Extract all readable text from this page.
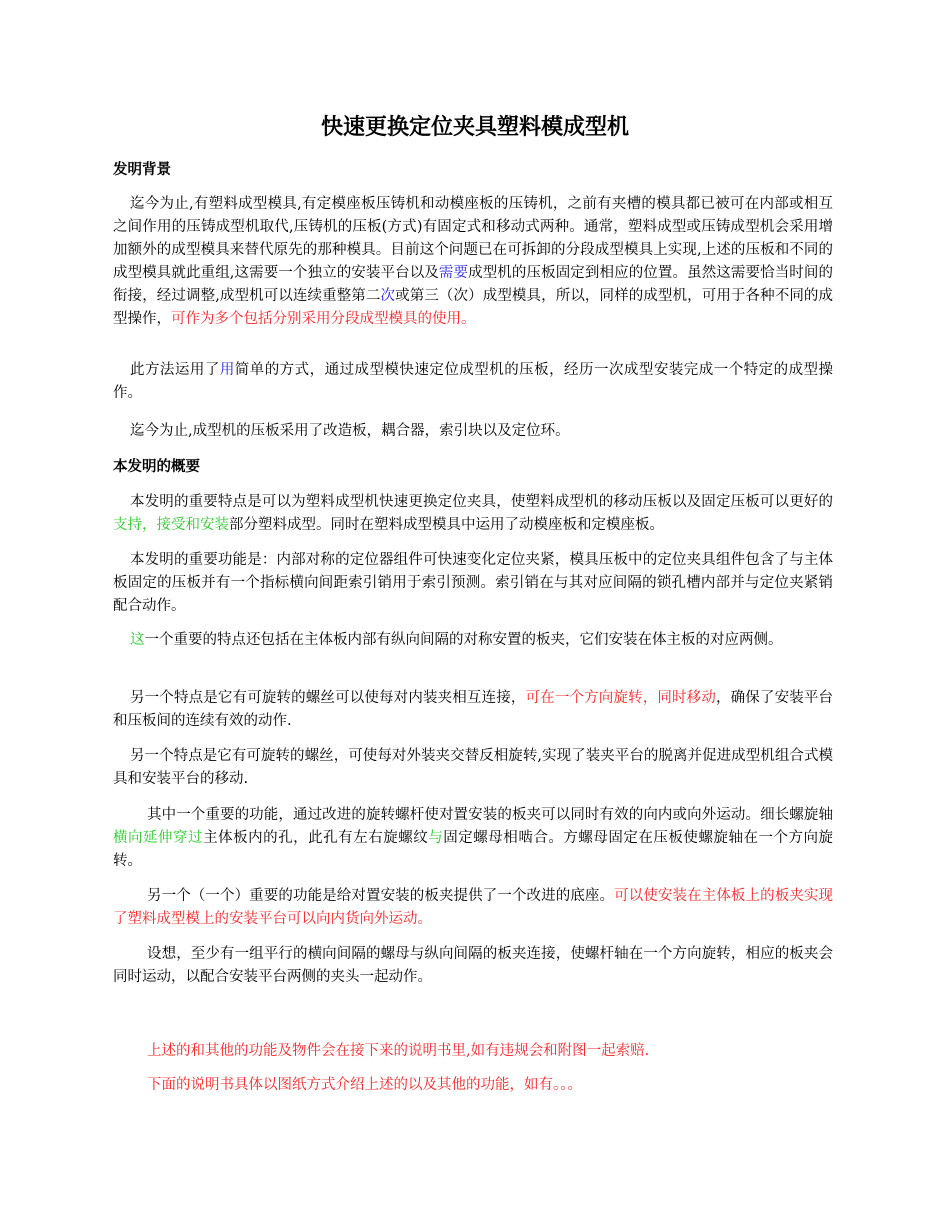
快速更换定位夹具塑料模成型机
发明背景

迄今为止,有塑料成型模具,有定模座板压铸机和动模座板的压铸机，之前有夹槽的模具都已被可在内部或相互之间作用的压铸成型机取代,压铸机的压板(方式)有固定式和移动式两种。通常，塑料成型或压铸成型机会采用增加额外的成型模具来替代原先的那种模具。目前这个问题已在可拆卸的分段成型模具上实现,上述的压板和不同的成型模具就此重组,这需要一个独立的安装平台以及需要成型机的压板固定到相应的位置。虽然这需要恰当时间的衔接，经过调整,成型机可以连续重整第二次或第三（次）成型模具，所以，同样的成型机，可用于各种不同的成型操作，可作为多个包括分别采用分段成型模具的使用。

此方法运用了用简单的方式，通过成型模快速定位成型机的压板，经历一次成型安装完成一个特定的成型操作。

迄今为止,成型机的压板采用了改造板，耦合器，索引块以及定位环。

本发明的概要

本发明的重要特点是可以为塑料成型机快速更换定位夹具，使塑料成型机的移动压板以及固定压板可以更好的支持，接受和安装部分塑料成型。同时在塑料成型模具中运用了动模座板和定模座板。

本发明的重要功能是：内部对称的定位器组件可快速变化定位夹紧，模具压板中的定位夹具组件包含了与主体板固定的压板并有一个指标横向间距索引销用于索引预测。索引销在与其对应间隔的锁孔槽内部并与定位夹紧销配合动作。

这一个重要的特点还包括在主体板内部有纵向间隔的对称安置的板夹，它们安装在体主板的对应两侧。

另一个特点是它有可旋转的螺丝可以使每对内装夹相互连接，可在一个方向旋转，同时移动，确保了安装平台和压板间的连续有效的动作.

另一个特点是它有可旋转的螺丝，可使每对外装夹交替反相旋转,实现了装夹平台的脱离并促进成型机组合式模具和安装平台的移动.

其中一个重要的功能，通过改进的旋转螺杆使对置安装的板夹可以同时有效的向内或向外运动。细长螺旋轴横向延伸穿过主体板内的孔，此孔有左右旋螺纹与固定螺母相啮合。方螺母固定在压板使螺旋轴在一个方向旋转。

另一个（一个）重要的功能是给对置安装的板夹提供了一个改进的底座。可以使安装在主体板上的板夹实现了塑料成型模上的安装平台可以向内货向外运动。

设想，至少有一组平行的横向间隔的螺母与纵向间隔的板夹连接，使螺杆轴在一个方向旋转，相应的板夹会同时运动，以配合安装平台两侧的夹头一起动作。

上述的和其他的功能及物件会在接下来的说明书里,如有违规会和附图一起索赔.

下面的说明书具体以图纸方式介绍上述的以及其他的功能，如有。。。
